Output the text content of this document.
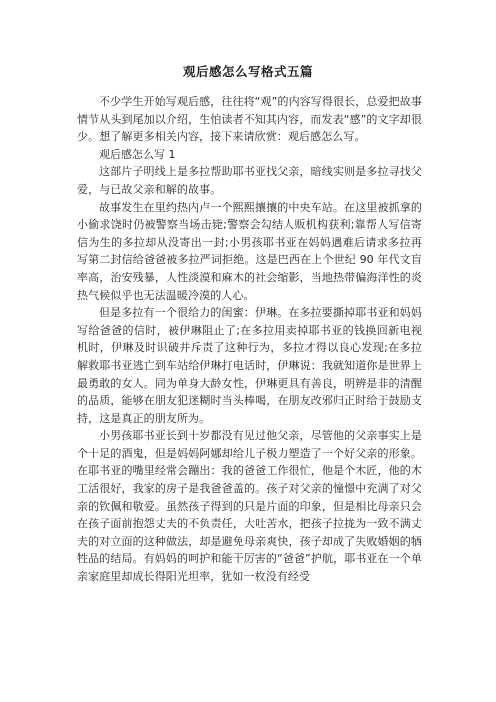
观后感怎么写格式五篇

不少学生开始写观后感，往往将“观”的内容写得很长，总爱把故事情节从头到尾加以介绍，生怕读者不知其内容，而发表“感”的文字却很少。想了解更多相关内容，接下来请欣赏：观后感怎么写。

观后感怎么写 1

这部片子明线上是多拉帮助耶书亚找父亲，暗线实则是多拉寻找父爱，与已故父亲和解的故事。

故事发生在里约热内卢一个熙熙攘攘的中央车站。在这里被抓拿的小偷求饶时仍被警察当场击毙;警察会勾结人贩机构获利;靠帮人写信寄信为生的多拉却从没寄出一封;小男孩耶书亚在妈妈遇难后请求多拉再写第二封信给爸爸被多拉严词拒绝。这是巴西在上个世纪 90 年代文盲率高，治安残暴，人性淡漠和麻木的社会缩影，当地热带偏海洋性的炎热气候似乎也无法温暖冷漠的人心。

但是多拉有一个很给力的闺蜜：伊琳。在多拉要撕掉耶书亚和妈妈写给爸爸的信时，被伊琳阻止了;在多拉用卖掉耶书亚的钱换回新电视机时，伊琳及时识破并斥责了这种行为，多拉才得以良心发现;在多拉解救耶书亚逃亡到车站给伊琳打电话时，伊琳说：我就知道你是世界上最勇敢的女人。同为单身大龄女性，伊琳更具有善良，明辨是非的清醒的品质，能够在朋友犯迷糊时当头棒喝，在朋友改邪归正时给于鼓励支持，这是真正的朋友所为。

小男孩耶书亚长到十岁都没有见过他父亲，尽管他的父亲事实上是个十足的酒鬼，但是妈妈阿娜却给儿子极力塑造了一个好父亲的形象。在耶书亚的嘴里经常会蹦出：我的爸爸工作很忙，他是个木匠，他的木工活很好，我家的房子是我爸爸盖的。孩子对父亲的憧憬中充满了对父亲的钦佩和敬爱。虽然孩子得到的只是片面的印象，但是相比母亲只会在孩子面前抱怨丈夫的不负责任，大吐苦水，把孩子拉拢为一致不满丈夫的对立面的这种做法，却是避免母亲爽快，孩子却成了失败婚姻的牺牲品的结局。有妈妈的呵护和能干厉害的“爸爸”护航，耶书亚在一个单亲家庭里却成长得阳光坦率，犹如一枚没有经受
